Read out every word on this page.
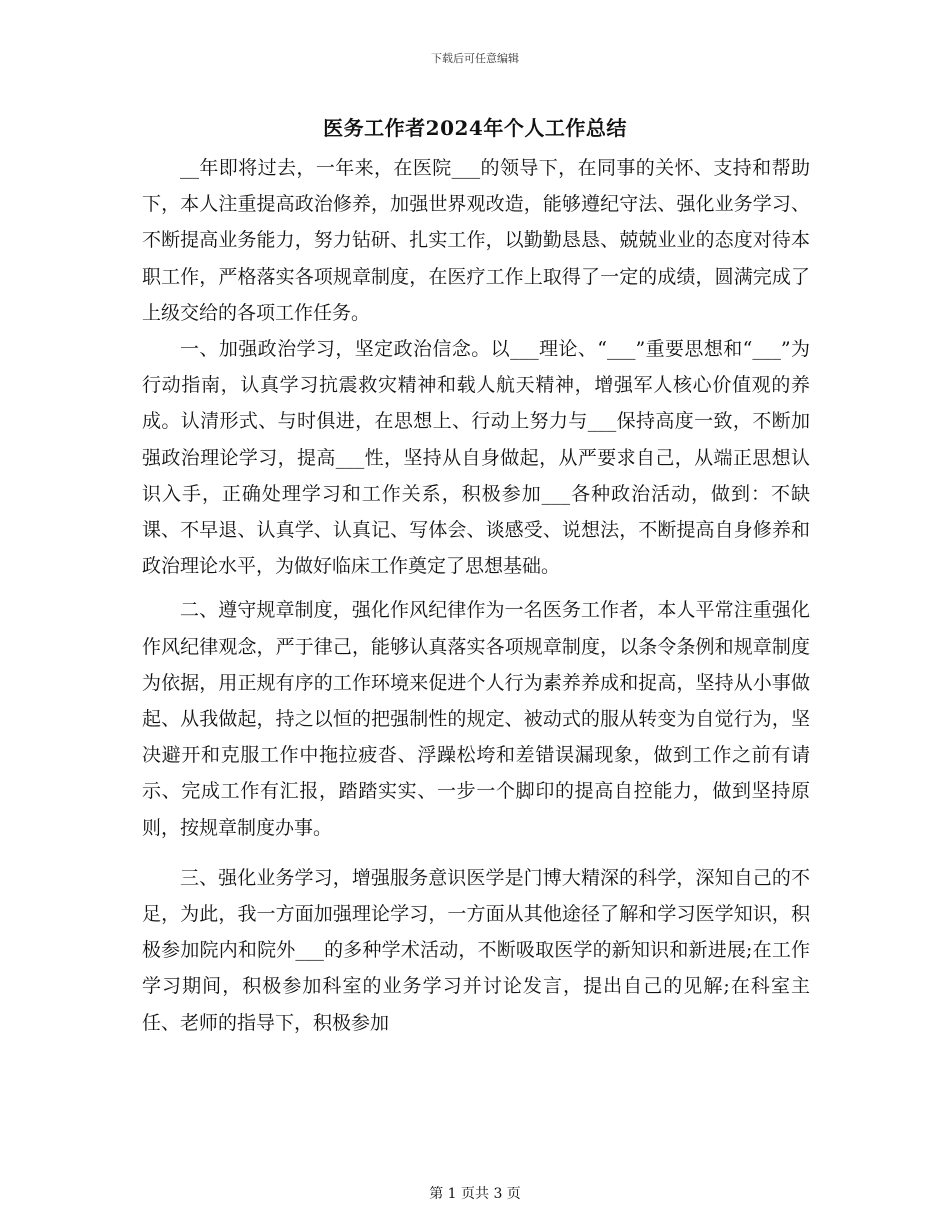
下载后可任意编辑
医务工作者2024年个人工作总结

__年即将过去，一年来，在医院___的领导下，在同事的关怀、支持和帮助下，本人注重提高政治修养，加强世界观改造，能够遵纪守法、强化业务学习、不断提高业务能力，努力钻研、扎实工作，以勤勤恳恳、兢兢业业的态度对待本职工作，严格落实各项规章制度，在医疗工作上取得了一定的成绩，圆满完成了上级交给的各项工作任务。

一、加强政治学习，坚定政治信念。以___理论、“___”重要思想和“___”为行动指南，认真学习抗震救灾精神和载人航天精神，增强军人核心价值观的养成。认清形式、与时俱进，在思想上、行动上努力与___保持高度一致，不断加强政治理论学习，提高___性，坚持从自身做起，从严要求自己，从端正思想认识入手，正确处理学习和工作关系，积极参加___各种政治活动，做到：不缺课、不早退、认真学、认真记、写体会、谈感受、说想法，不断提高自身修养和政治理论水平，为做好临床工作奠定了思想基础。

二、遵守规章制度，强化作风纪律作为一名医务工作者，本人平常注重强化作风纪律观念，严于律己，能够认真落实各项规章制度，以条令条例和规章制度为依据，用正规有序的工作环境来促进个人行为素养养成和捉高，坚持从小事做起、从我做起，持之以恒的把强制性的规定、被动式的服从转变为自觉行为，坚决避开和克服工作中拖拉疲沓、浮躁松垮和差错误漏现象，做到工作之前有请示、完成工作有汇报，踏踏实实、一步一个脚印的提高自控能力，做到坚持原则，按规章制度办事。

三、强化业务学习，增强服务意识医学是门博大精深的科学，深知自己的不足，为此，我一方面加强理论学习，一方面从其他途径了解和学习医学知识，积极参加院内和院外___的多种学术活动，不断吸取医学的新知识和新进展;在工作学习期间，积极参加科室的业务学习并讨论发言，提出自己的见解;在科室主任、老师的指导下，积极参加

第 1 页共 3 页
